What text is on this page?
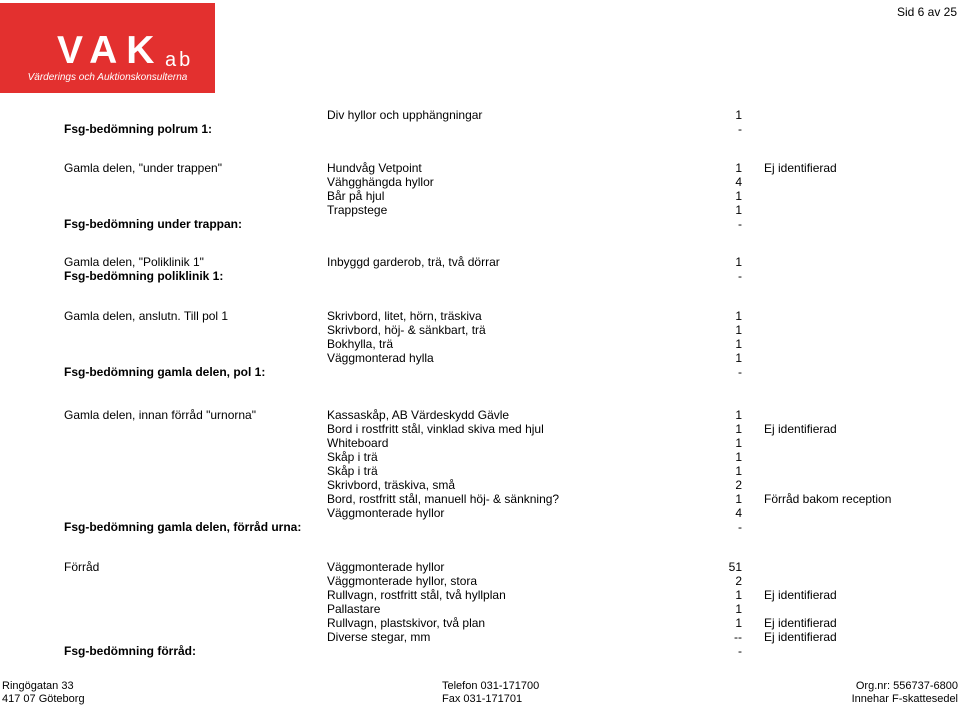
VAK ab
Värderings och Auktionskonsulterna
Sid 6 av 25
Div hyllor och upphängningar	1
Fsg-bedömning polrum 1:	-
Gamla delen, "under trappen"	Hundvåg Vetpoint	1 Ej identifierad
Vähgghängda hyllor	4
Bår på hjul	1
Trappstege	1
Fsg-bedömning under trappan:	-
Gamla delen, "Poliklinik 1"	Inbyggd garderob, trä, två dörrar	1
Fsg-bedömning poliklinik 1:	-
Gamla delen, anslutn. Till pol 1	Skrivbord, litet, hörn, träskiva	1
Skrivbord, höj- & sänkbart, trä	1
Bokhylla, trä	1
Väggmonterad hylla	1
Fsg-bedömning gamla delen, pol 1:	-
Gamla delen, innan förråd "urnorna"	Kassaskåp, AB Värdeskydd Gävle	1
Bord i rostfritt stål, vinklad skiva med hjul	1 Ej identifierad
Whiteboard	1
Skåp i trä	1
Skåp i trä	1
Skrivbord, träskiva, små	2
Bord, rostfritt stål, manuell höj- & sänkning?	1 Förråd bakom reception
Väggmonterade hyllor	4
Fsg-bedömning gamla delen, förråd urna:	-
Förråd	Väggmonterade hyllor	51
Väggmonterade hyllor, stora	2
Rullvagn, rostfritt stål, två hyllplan	1 Ej identifierad
Pallastare	1
Rullvagn, plastskivor, två plan	1 Ej identifierad
Diverse stegar, mm	-- Ej identifierad
Fsg-bedömning förråd:	-
Ringögatan 33	Telefon 031-171700	Org.nr: 556737-6800
417 07 Göteborg	Fax 031-171701	Innehar F-skattesedel
